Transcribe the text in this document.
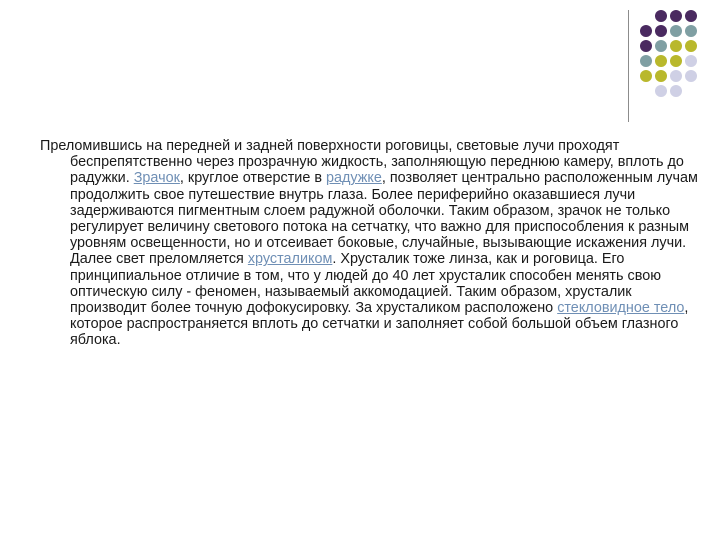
Преломившись на передней и задней поверхности роговицы, световые лучи проходят беспрепятственно через прозрачную жидкость, заполняющую переднюю камеру, вплоть до радужки. Зрачок, круглое отверстие в радужке, позволяет центрально расположенным лучам продолжить свое путешествие внутрь глаза. Более периферийно оказавшиеся лучи задерживаются пигментным слоем радужной оболочки. Таким образом, зрачок не только регулирует величину светового потока на сетчатку, что важно для приспособления к разным уровням освещенности, но и отсеивает боковые, случайные, вызывающие искажения лучи. Далее свет преломляется хрусталиком. Хрусталик тоже линза, как и роговица. Его принципиальное отличие в том, что у людей до 40 лет хрусталик способен менять свою оптическую силу - феномен, называемый аккомодацией. Таким образом, хрусталик производит более точную дофокусировку. За хрусталиком расположено стекловидное тело, которое распространяется вплоть до сетчатки и заполняет собой большой объем глазного яблока.
